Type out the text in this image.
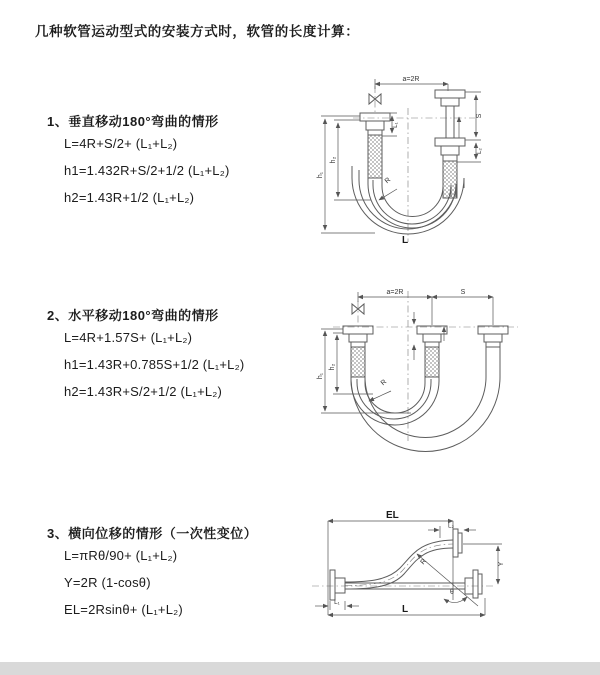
几种软管运动型式的安装方式时，软管的长度计算：
1、垂直移动180°弯曲的情形
L=4R+S/2+ (L₁+L₂)
h1=1.432R+S/2+1/2 (L₁+L₂)
h2=1.43R+1/2 (L₁+L₂)
2、水平移动180°弯曲的情形
L=4R+1.57S+ (L₁+L₂)
h1=1.43R+0.785S+1/2 (L₁+L₂)
h2=1.43R+S/2+1/2 (L₁+L₂)
3、横向位移的情形（一次性变位）
L=πRθ/90+ (L₁+L₂)
Y=2R (1-cosθ)
EL=2Rsinθ+ (L₁+L₂)
a=2R
L₁
S
L₂
h₁
h₂
R
L
a=2R	S
h₁
h₂
R
EL
L₂
Y
R
θ
L
L₁
